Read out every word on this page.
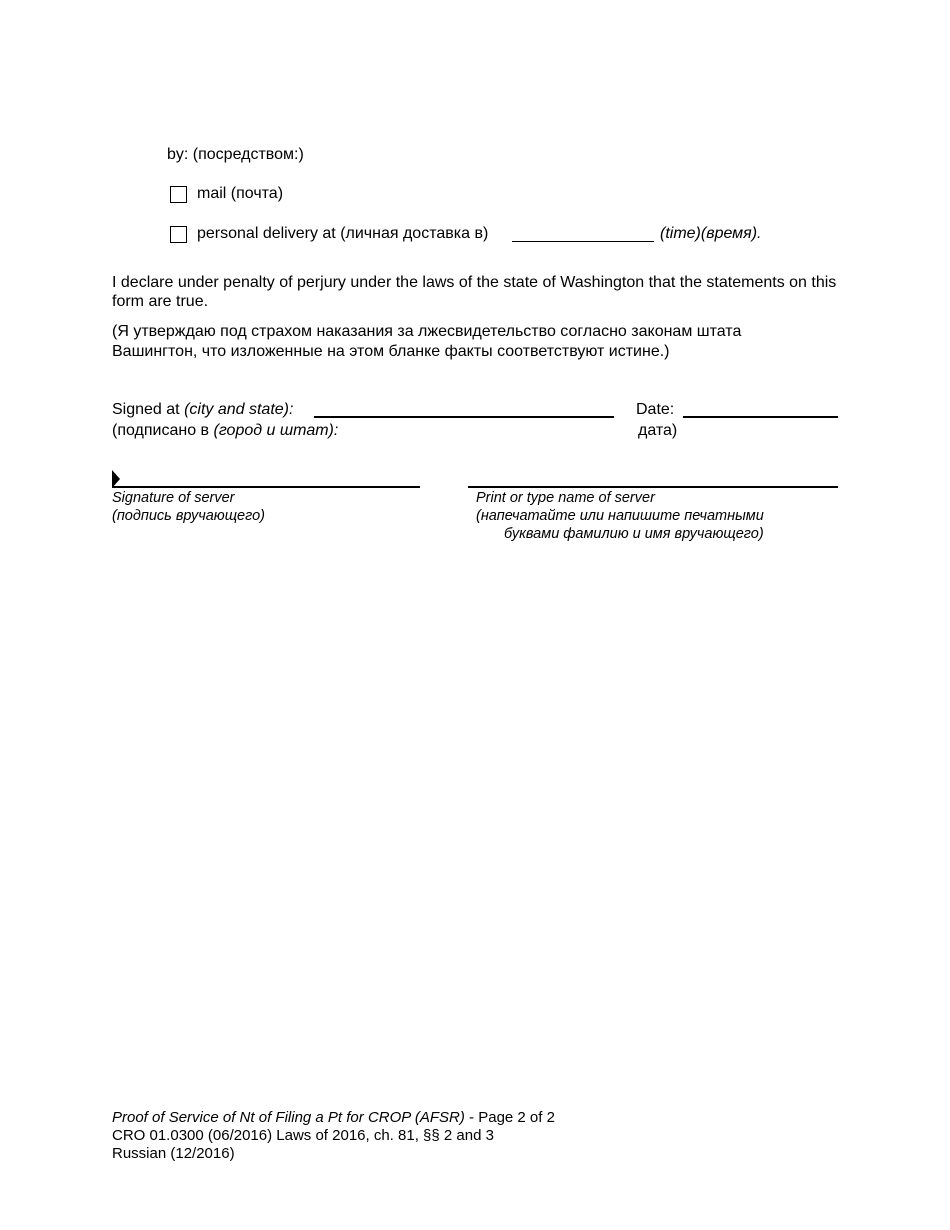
by: (посредством:)
mail (почта)
personal delivery at (личная доставка в)	(time)(время).
I declare under penalty of perjury under the laws of the state of Washington that the statements on this form are true.
(Я утверждаю под страхом наказания за лжесвидетельство согласно законам штата Вашингтон, что изложенные на этом бланке факты соответствуют истине.)
Signed at (city and state):
(подписано в (город и штат):
Date:
дата)
Signature of server
(подпись вручающего)
Print or type name of server
(напечатайте или напишите печатными
буквами фамилию и имя вручающего)
Proof of Service of Nt of Filing a Pt for CROP (AFSR) - Page 2 of 2
CRO 01.0300 (06/2016) Laws of 2016, ch. 81, §§ 2 and 3
Russian (12/2016)
